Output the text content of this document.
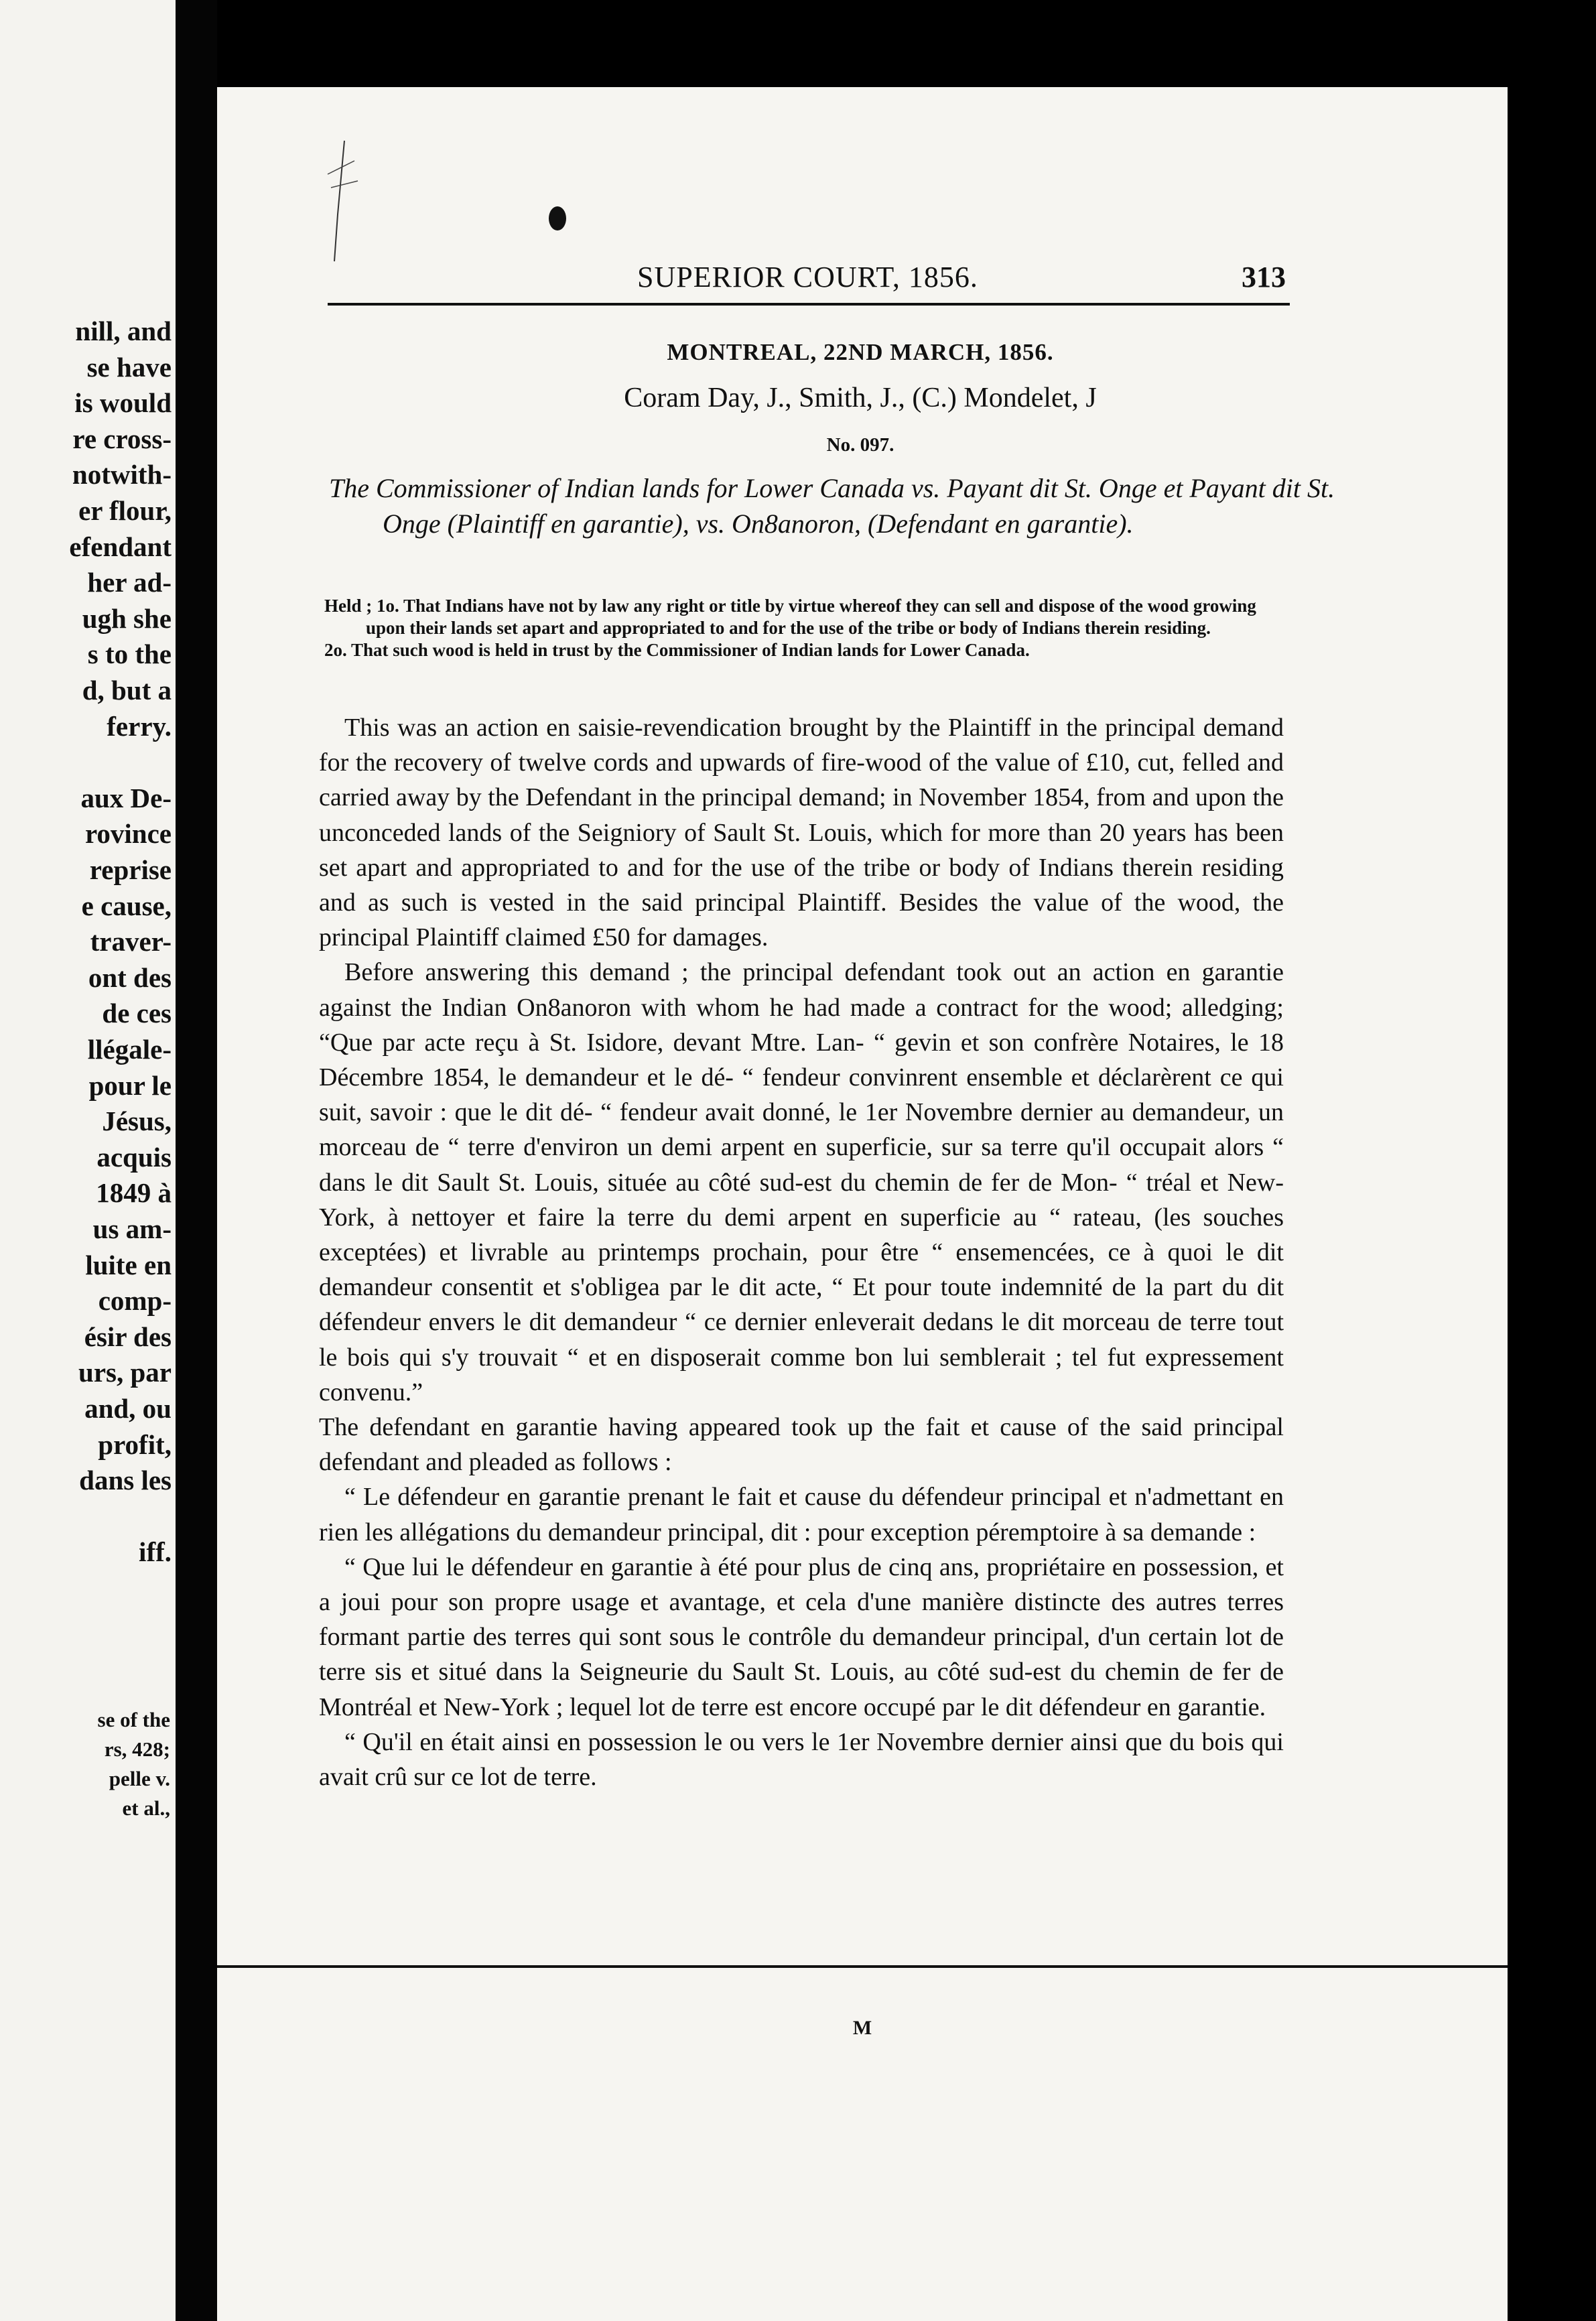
nill, and
se have
is would
re cross-
notwith-
er flour,
efendant
her ad-
ugh she
s to the
d, but a
ferry.
aux De-
rovince
reprise
e cause,
traver-
ont des
de ces
llégale-
pour le
Jésus,
acquis
1849 à
us am-
luite en
comp-
ésir des
urs, par
and, ou
profit,
dans les
iff.
se of the
rs, 428;
pelle v.
et al.,
SUPERIOR COURT, 1856.	313
MONTREAL, 22ND MARCH, 1856.
Coram Day, J., Smith, J., (C.) Mondelet, J
No. 097.
The Commissioner of Indian lands for Lower Canada vs. Payant dit St. Onge et Payant dit St. Onge (Plaintiff en garantie), vs. On8anoron, (Defendant en garantie).

Held ; 1o. That Indians have not by law any right or title by virtue whereof they can sell and dispose of the wood growing upon their lands set apart and appropriated to and for the use of the tribe or body of Indians therein residing.

2o. That such wood is held in trust by the Commissioner of Indian lands for Lower Canada.

This was an action en saisie-revendication brought by the Plaintiff in the principal demand for the recovery of twelve cords and upwards of fire-wood of the value of £10, cut, felled and carried away by the Defendant in the principal demand; in November 1854, from and upon the unconceded lands of the Seigniory of Sault St. Louis, which for more than 20 years has been set apart and appropriated to and for the use of the tribe or body of Indians therein residing and as such is vested in the said principal Plaintiff. Besides the value of the wood, the principal Plaintiff claimed £50 for damages.

Before answering this demand ; the principal defendant took out an action en garantie against the Indian On8anoron with whom he had made a contract for the wood; alledging; “Que par acte reçu à St. Isidore, devant Mtre. Lan- “ gevin et son confrère Notaires, le 18 Décembre 1854, le demandeur et le dé- “ fendeur convinrent ensemble et déclarèrent ce qui suit, savoir : que le dit dé- “ fendeur avait donné, le 1er Novembre dernier au demandeur, un morceau de “ terre d'environ un demi arpent en superficie, sur sa terre qu'il occupait alors “ dans le dit Sault St. Louis, située au côté sud-est du chemin de fer de Mon- “ tréal et New-York, à nettoyer et faire la terre du demi arpent en superficie au “ rateau, (les souches exceptées) et livrable au printemps prochain, pour être “ ensemencées, ce à quoi le dit demandeur consentit et s'obligea par le dit acte, “ Et pour toute indemnité de la part du dit défendeur envers le dit demandeur “ ce dernier enleverait dedans le dit morceau de terre tout le bois qui s'y trouvait “ et en disposerait comme bon lui semblerait ; tel fut expressement convenu.”

The defendant en garantie having appeared took up the fait et cause of the said principal defendant and pleaded as follows :

“ Le défendeur en garantie prenant le fait et cause du défendeur principal et n'admettant en rien les allégations du demandeur principal, dit : pour exception péremptoire à sa demande :

“ Que lui le défendeur en garantie à été pour plus de cinq ans, propriétaire en possession, et a joui pour son propre usage et avantage, et cela d'une manière distincte des autres terres formant partie des terres qui sont sous le contrôle du demandeur principal, d'un certain lot de terre sis et situé dans la Seigneurie du Sault St. Louis, au côté sud-est du chemin de fer de Montréal et New-York ; lequel lot de terre est encore occupé par le dit défendeur en garantie.

“ Qu'il en était ainsi en possession le ou vers le 1er Novembre dernier ainsi que du bois qui avait crû sur ce lot de terre.

M
